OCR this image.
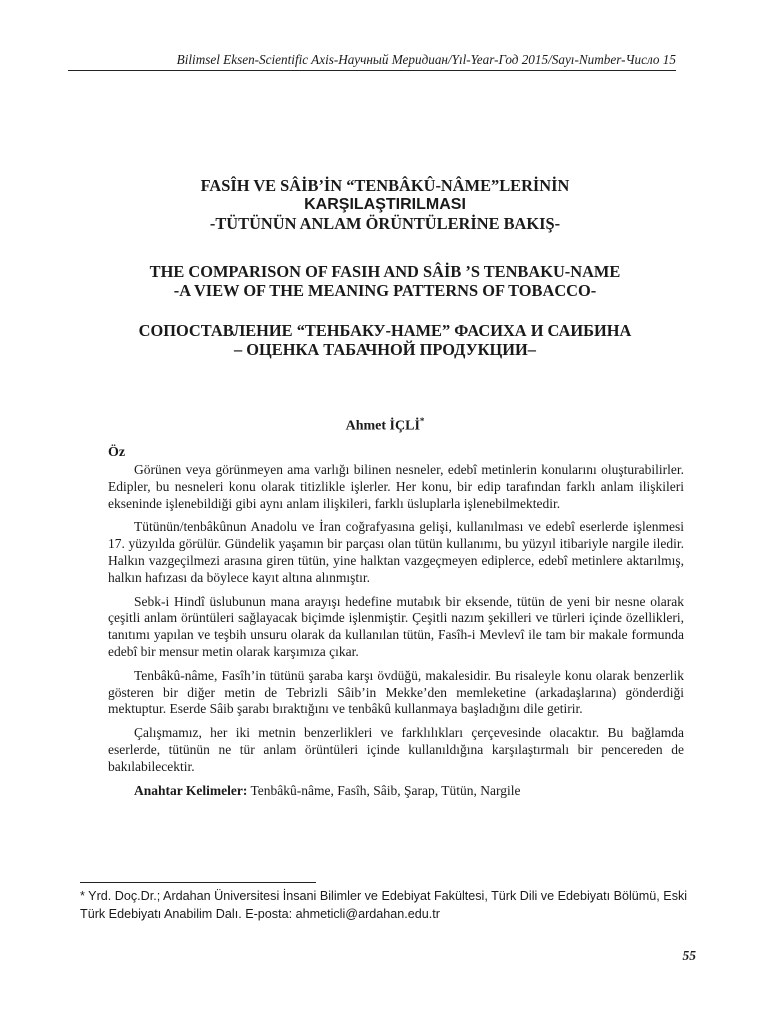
Bilimsel Eksen-Scientific Axis-Научный Меридиан/Yıl-Year-Год 2015/Sayı-Number-Число 15
FASÎH VE SÂİB’İN “TENBÂKÛ-NÂME”LERİNİN
KARŞILAŞTIRILMASI
-TÜTÜNÜN ANLAM ÖRÜNTÜLERİNE BAKIŞ-
THE COMPARISON OF FASIH AND SÂİB ’S TENBAKU-NAME
-A VIEW OF THE MEANING PATTERNS OF TOBACCO-
СОПОСТАВЛЕНИЕ “ТЕНБАКУ-НАМЕ” ФАСИХА И САИБИНА
– ОЦЕНКА ТАБАЧНОЙ ПРОДУКЦИИ–
Ahmet İÇLİ*
Öz

Görünen veya görünmeyen ama varlığı bilinen nesneler, edebî metinlerin konularını oluşturabilirler. Edipler, bu nesneleri konu olarak titizlikle işlerler. Her konu, bir edip tarafından farklı anlam ilişkileri ekseninde işlenebildiği gibi aynı anlam ilişkileri, farklı üsluplarla işlenebilmektedir.

Tütünün/tenbâkûnun Anadolu ve İran coğrafyasına gelişi, kullanılması ve edebî eserlerde işlenmesi 17. yüzyılda görülür. Gündelik yaşamın bir parçası olan tütün kullanımı, bu yüzyıl itibariyle nargile iledir. Halkın vazgeçilmezi arasına giren tütün, yine halktan vazgeçmeyen ediplerce, edebî metinlere aktarılmış, halkın hafızası da böylece kayıt altına alınmıştır.

Sebk-i Hindî üslubunun mana arayışı hedefine mutabık bir eksende, tütün de yeni bir nesne olarak çeşitli anlam örüntüleri sağlayacak biçimde işlenmiştir. Çeşitli nazım şekilleri ve türleri içinde özellikleri, tanıtımı yapılan ve teşbih unsuru olarak da kullanılan tütün, Fasîh-i Mevlevî ile tam bir makale formunda edebî bir mensur metin olarak karşımıza çıkar.

Tenbâkû-nâme, Fasîh’in tütünü şaraba karşı övdüğü, makalesidir. Bu risaleyle konu olarak benzerlik gösteren bir diğer metin de Tebrizli Sâib’in Mekke’den memleketine (arkadaşlarına) gönderdiği mektuptur. Eserde Sâib şarabı bıraktığını ve tenbâkû kullanmaya başladığını dile getirir.

Çalışmamız, her iki metnin benzerlikleri ve farklılıkları çerçevesinde olacaktır. Bu bağlamda eserlerde, tütünün ne tür anlam örüntüleri içinde kullanıldığına karşılaştırmalı bir pencereden de bakılabilecektir.

Anahtar Kelimeler: Tenbâkû-nâme, Fasîh, Sâib, Şarap, Tütün, Nargile

* Yrd. Doç.Dr.; Ardahan Üniversitesi İnsani Bilimler ve Edebiyat Fakültesi, Türk Dili ve Edebiyatı Bölümü, Eski Türk Edebiyatı Anabilim Dalı. E-posta: ahmeticli@ardahan.edu.tr
55
